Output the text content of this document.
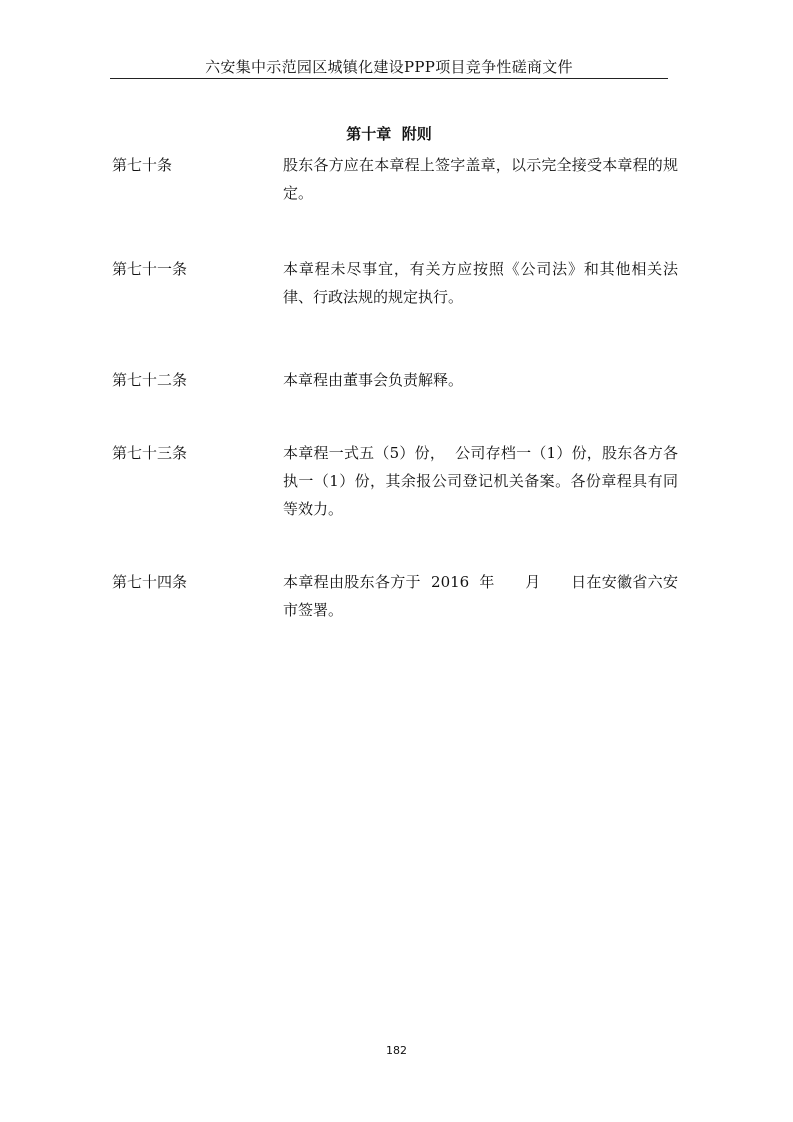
六安集中示范园区城镇化建设PPP项目竞争性磋商文件
第十章  附则
第七十条	股东各方应在本章程上签字盖章，以示完全接受本章程的规定。
第七十一条	本章程未尽事宜，有关方应按照《公司法》和其他相关法律、行政法规的规定执行。
第七十二条	本章程由董事会负责解释。
第七十三条	本章程一式五（5）份，  公司存档一（1）份，股东各方各执一（1）份，其余报公司登记机关备案。各份章程具有同等效力。
第七十四条	本章程由股东各方于  2016  年      月      日在安徽省六安市签署。
182
